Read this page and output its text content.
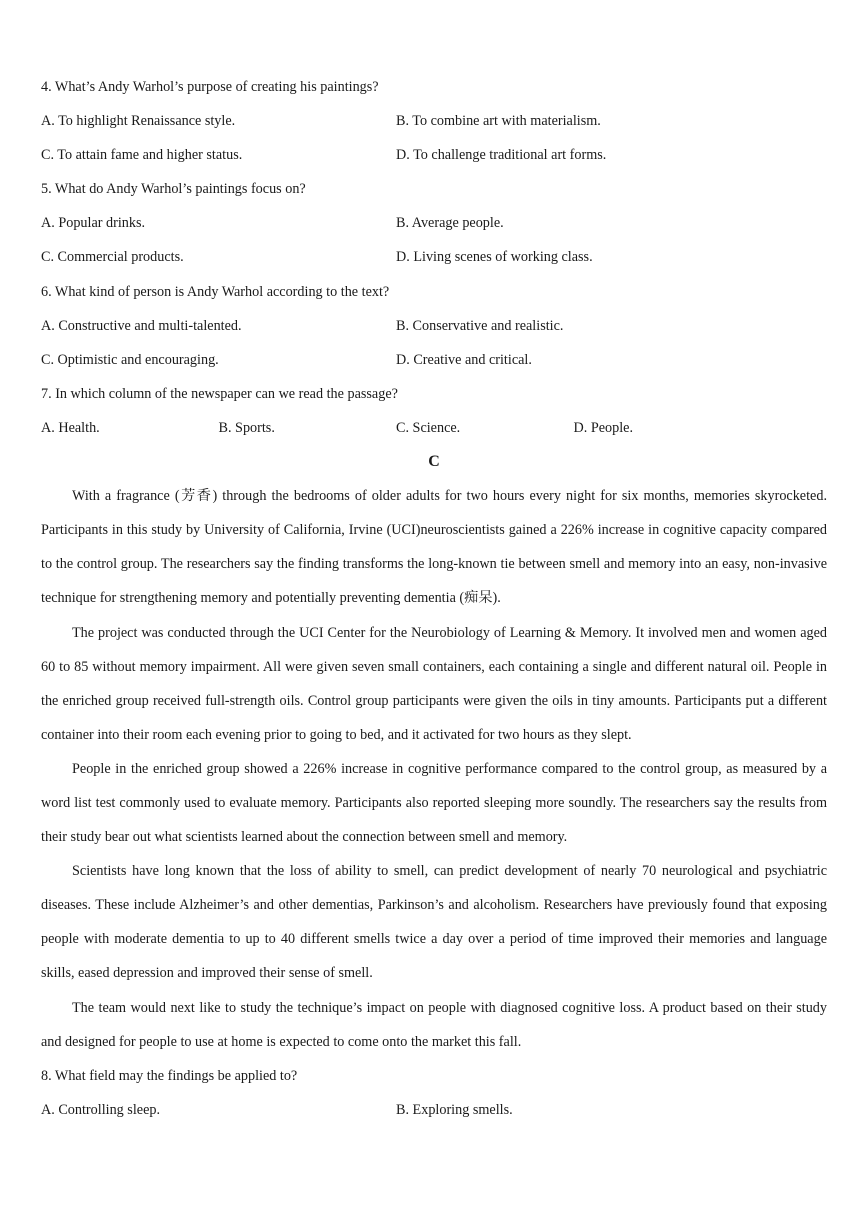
4. What’s Andy Warhol’s purpose of creating his paintings?
A. To highlight Renaissance style.	B. To combine art with materialism.
C. To attain fame and higher status.	D. To challenge traditional art forms.
5. What do Andy Warhol’s paintings focus on?
A. Popular drinks.	B. Average people.
C. Commercial products.	D. Living scenes of working class.
6. What kind of person is Andy Warhol according to the text?
A. Constructive and multi-talented.	B. Conservative and realistic.
C. Optimistic and encouraging.	D. Creative and critical.
7. In which column of the newspaper can we read the passage?
A. Health.	B. Sports.	C. Science.	D. People.
C

With a fragrance (芳香) through the bedrooms of older adults for two hours every night for six months, memories skyrocketed. Participants in this study by University of California, Irvine (UCI)neuroscientists gained a 226% increase in cognitive capacity compared to the control group. The researchers say the finding transforms the long-known tie between smell and memory into an easy, non-invasive technique for strengthening memory and potentially preventing dementia (痴呆).

The project was conducted through the UCI Center for the Neurobiology of Learning & Memory. It involved men and women aged 60 to 85 without memory impairment. All were given seven small containers, each containing a single and different natural oil. People in the enriched group received full-strength oils. Control group participants were given the oils in tiny amounts. Participants put a different container into their room each evening prior to going to bed, and it activated for two hours as they slept.

People in the enriched group showed a 226% increase in cognitive performance compared to the control group, as measured by a word list test commonly used to evaluate memory. Participants also reported sleeping more soundly. The researchers say the results from their study bear out what scientists learned about the connection between smell and memory.

Scientists have long known that the loss of ability to smell, can predict development of nearly 70 neurological and psychiatric diseases. These include Alzheimer’s and other dementias, Parkinson’s and alcoholism. Researchers have previously found that exposing people with moderate dementia to up to 40 different smells twice a day over a period of time improved their memories and language skills, eased depression and improved their sense of smell.

The team would next like to study the technique’s impact on people with diagnosed cognitive loss. A product based on their study and designed for people to use at home is expected to come onto the market this fall.

8. What field may the findings be applied to?
A. Controlling sleep.	B. Exploring smells.
